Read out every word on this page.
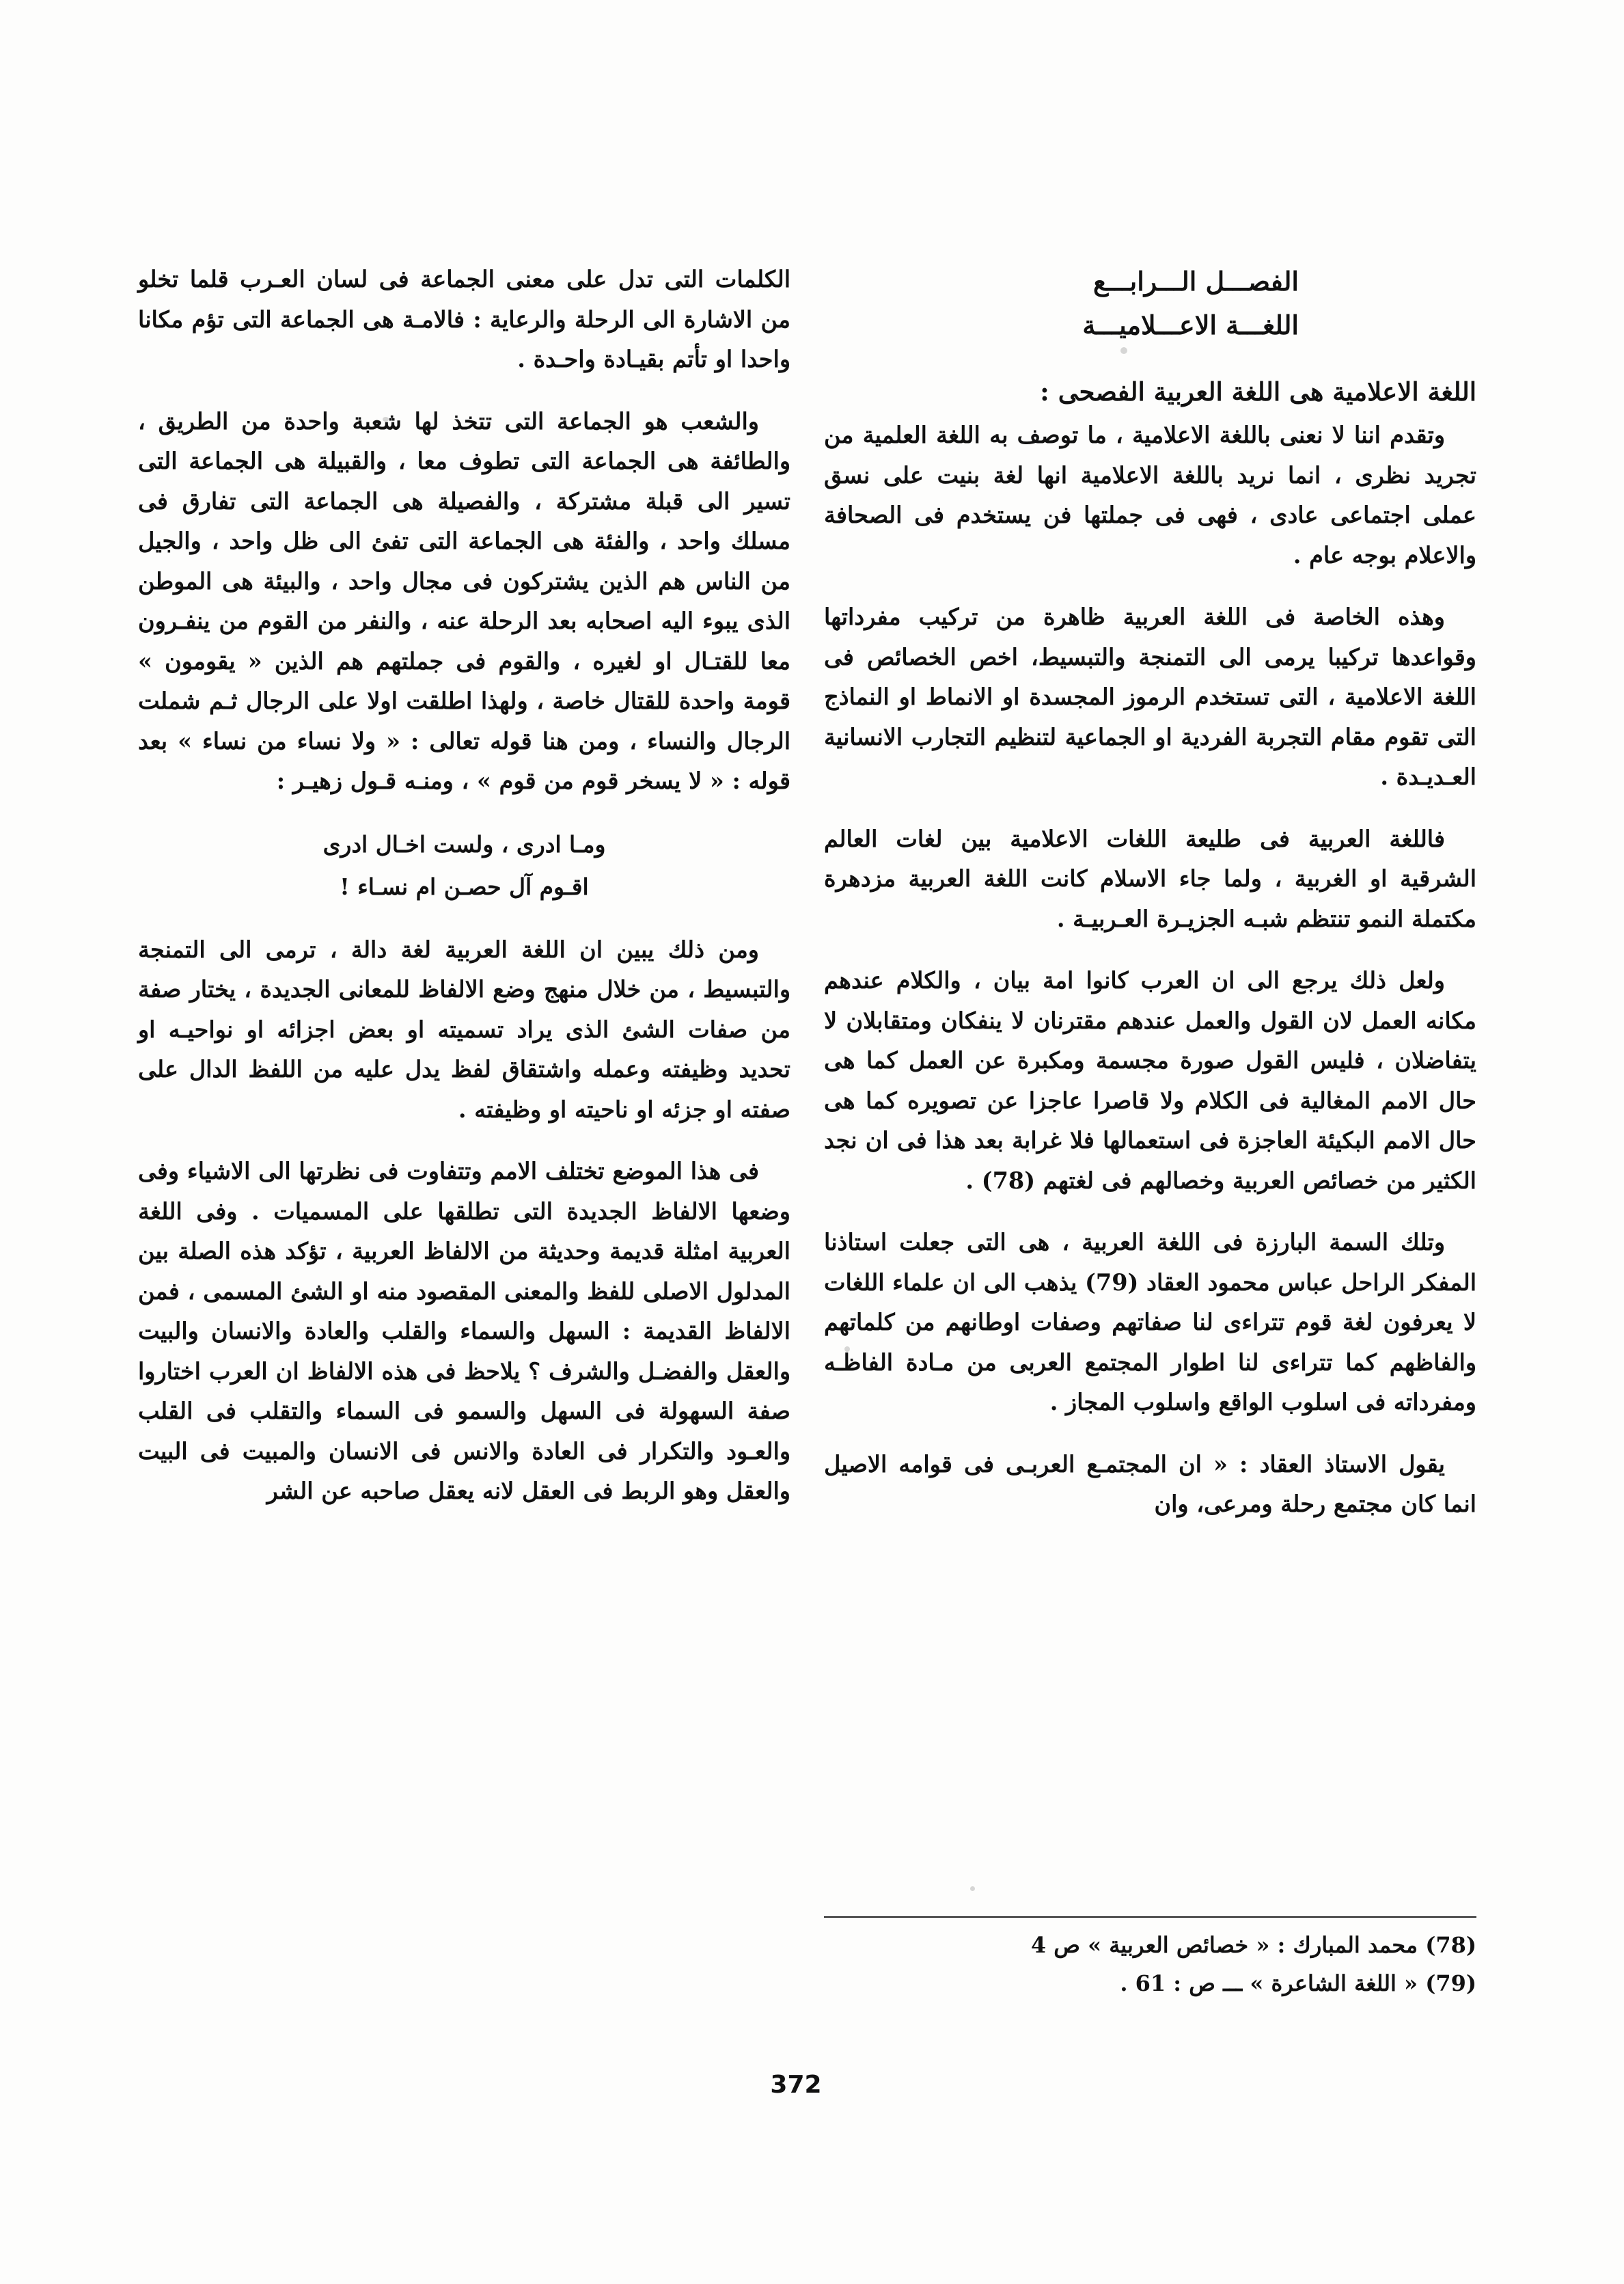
الفصـــل الـــرابـــع
اللغـــة الاعـــلاميـــة
اللغة الاعلامية هى اللغة العربية الفصحى :

وتقدم اننا لا نعنى باللغة الاعلامية ، ما توصف به اللغة العلمية من تجريد نظرى ، انما نريد باللغة الاعلامية انها لغة بنيت على نسق عملى اجتماعى عادى ، فهى فى جملتها فن يستخدم فى الصحافة والاعلام بوجه عام .

وهذه الخاصة فى اللغة العربية ظاهرة من تركيب مفرداتها وقواعدها تركيبا يرمى الى التمنجة والتبسيط، اخص الخصائص فى اللغة الاعلامية ، التى تستخدم الرموز المجسدة او الانماط او النماذج التى تقوم مقام التجربة الفردية او الجماعية لتنظيم التجارب الانسانية العـديـدة .

فاللغة العربية فى طليعة اللغات الاعلامية بين لغات العالم الشرقية او الغربية ، ولما جاء الاسلام كانت اللغة العربية مزدهرة مكتملة النمو تنتظم شبـه الجزيـرة العـربيـة .

ولعل ذلك يرجع الى ان العرب كانوا امة بيان ، والكلام عندهم مكانه العمل لان القول والعمل عندهم مقترنان لا ينفكان ومتقابلان لا يتفاضلان ، فليس القول صورة مجسمة ومكبرة عن العمل كما هى حال الامم المغالية فى الكلام ولا قاصرا عاجزا عن تصويره كما هى حال الامم البكيئة العاجزة فى استعمالها فلا غرابة بعد هذا فى ان نجد الكثير من خصائص العربية وخصالهم فى لغتهم (78) .

وتلك السمة البارزة فى اللغة العربية ، هى التى جعلت استاذنا المفكر الراحل عباس محمود العقاد (79) يذهب الى ان علماء اللغات لا يعرفون لغة قوم تتراءى لنا صفاتهم وصفات اوطانهم من كلماتهم والفاظهم كما تتراءى لنا اطوار المجتمع العربى من مـادة الفاظـه ومفرداته فى اسلوب الواقع واسلوب المجاز .

يقول الاستاذ العقاد : « ان المجتمـع العربـى فى قوامه الاصيل انما كان مجتمع رحلة ومرعى، وان

(78) محمد المبارك : « خصائص العربية » ص 4

(79) « اللغة الشاعرة » ـــ ص : 61 .

الكلمات التى تدل على معنى الجماعة فى لسان العـرب قلما تخلو من الاشارة الى الرحلة والرعاية : فالامـة هى الجماعة التى تؤم مكانا واحدا او تأتم بقيـادة واحـدة .

والشعب هو الجماعة التى تتخذ لها شعبة واحدة من الطريق ، والطائفة هى الجماعة التى تطوف معا ، والقبيلة هى الجماعة التى تسير الى قبلة مشتركة ، والفصيلة هى الجماعة التى تفارق فى مسلك واحد ، والفئة هى الجماعة التى تفئ الى ظل واحد ، والجيل من الناس هم الذين يشتركون فى مجال واحد ، والبيئة هى الموطن الذى يبوء اليه اصحابه بعد الرحلة عنه ، والنفر من القوم من ينفـرون معا للقتـال او لغيره ، والقوم فى جملتهم هم الذين « يقومون » قومة واحدة للقتال خاصة ، ولهذا اطلقت اولا على الرجال ثـم شملت الرجال والنساء ، ومن هنا قوله تعالى : « ولا نساء من نساء » بعد قوله : « لا يسخر قوم من قوم » ، ومنـه قـول زهيـر :

ومـا ادرى ، ولست اخـال ادرى

اقـوم آل حصـن ام نسـاء !

ومن ذلك يبين ان اللغة العربية لغة دالة ، ترمى الى التمنجة والتبسيط ، من خلال منهج وضع الالفاظ للمعانى الجديدة ، يختار صفة من صفات الشئ الذى يراد تسميته او بعض اجزائه او نواحيـه او تحديد وظيفته وعمله واشتقاق لفظ يدل عليه من اللفظ الدال على صفته او جزئه او ناحيته او وظيفته .

فى هذا الموضع تختلف الامم وتتفاوت فى نظرتها الى الاشياء وفى وضعها الالفاظ الجديدة التى تطلقها على المسميات . وفى اللغة العربية امثلة قديمة وحديثة من الالفاظ العربية ، تؤكد هذه الصلة بين المدلول الاصلى للفظ والمعنى المقصود منه او الشئ المسمى ، فمن الالفاظ القديمة : السهل والسماء والقلب والعادة والانسان والبيت والعقل والفضـل والشرف ؟ يلاحظ فى هذه الالفاظ ان العرب اختاروا صفة السهولة فى السهل والسمو فى السماء والتقلب فى القلب والعـود والتكرار فى العادة والانس فى الانسان والمبيت فى البيت والعقل وهو الربط فى العقل لانه يعقل صاحبه عن الشر

372
